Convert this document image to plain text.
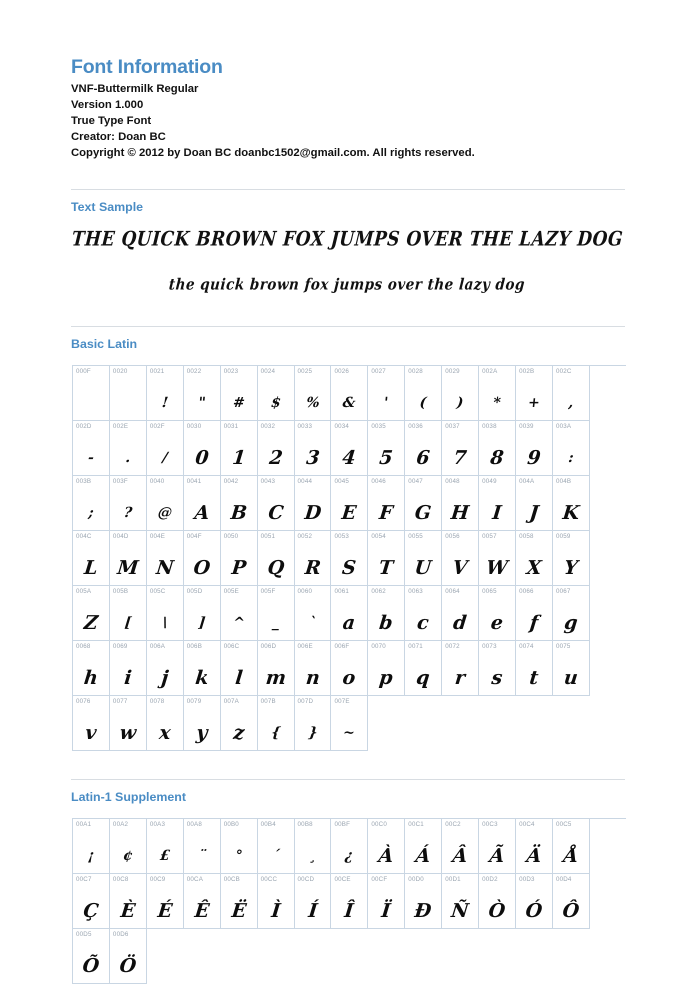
Font Information
VNF-Buttermilk Regular
Version 1.000
True Type Font
Creator: Doan BC
Copyright © 2012 by Doan BC doanbc1502@gmail.com. All rights reserved.
Text Sample
THE QUICK BROWN FOX JUMPS OVER THE LAZY DOG the quick brown fox jumps over the lazy dog
Basic Latin
000F	0020	0021
!
0022
"
0023
#
0024
$
0025
%
0026
&
0027
'
0028
(
0029
)
002A
*
002B
+
002C
,
002D
-
002E
.
002F
/
0030
0
0031
1
0032
2
0033
3
0034
4
0035
5
0036
6
0037
7
0038
8
0039
9
003A
:
003B
;
003F
?
0040
@
0041
A
0042
B
0043
C
0044
D
0045
E
0046
F
0047
G
0048
H
0049
I
004A
J
004B
K
004C
L
004D
M
004E
N
004F
O
0050
P
0051
Q
0052
R
0053
S
0054
T
0055
U
0056
V
0057
W
0058
X
0059
Y
005A
Z
005B
[
005C
\
005D
]
005E
^
005F
_
0060
`
0061
a
0062
b
0063
c
0064
d
0065
e
0066
f
0067
g
0068
h
0069
i
006A
j
006B
k
006C
l
006D
m
006E
n
006F
o
0070
p
0071
q
0072
r
0073
s
0074
t
0075
u
0076
v
0077
w
0078
x
0079
y
007A
z
007B
{
007D
}
007E
~
Latin-1 Supplement
00A1
¡
00A2
¢
00A3
£
00A8
¨
00B0
°
00B4
´
00B8
¸
00BF
¿
00C0
À
00C1
Á
00C2
Â
00C3
Ã
00C4
Ä
00C5
Å
00C7
Ç
00C8
È
00C9
É
00CA
Ê
00CB
Ë
00CC
Ì
00CD
Í
00CE
Î
00CF
Ï
00D0
Ð
00D1
Ñ
00D2
Ò
00D3
Ó
00D4
Ô
00D5
Õ
00D6
Ö
